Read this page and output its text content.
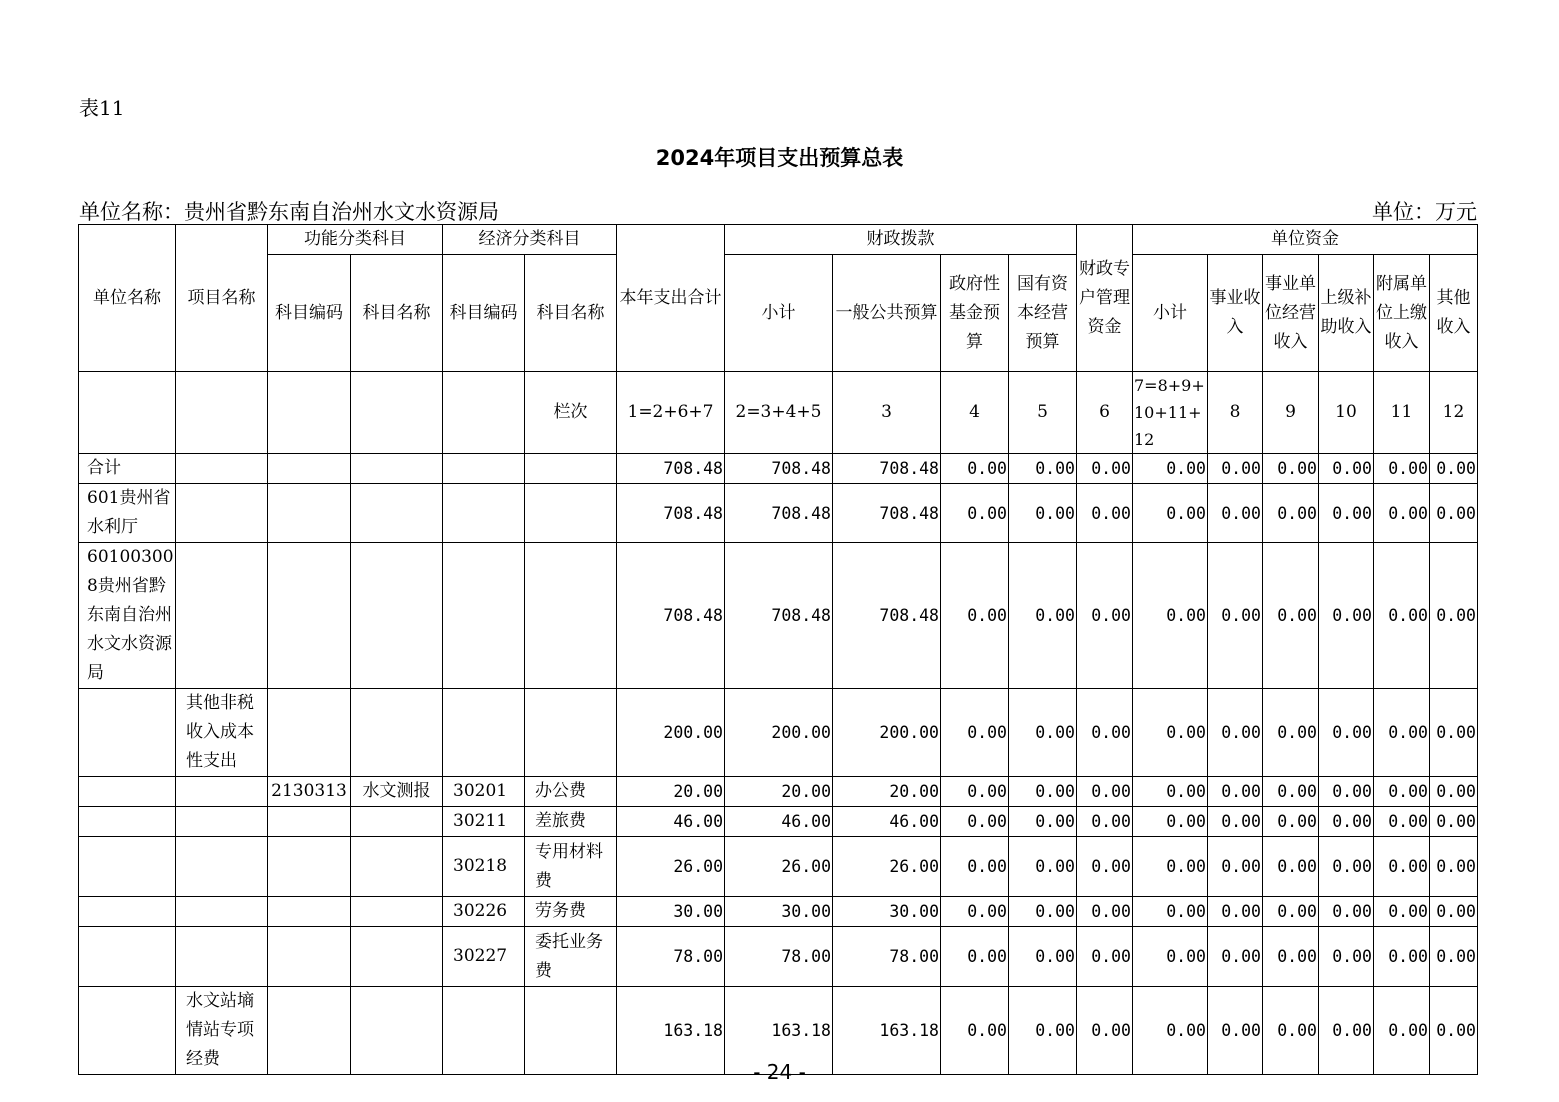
表11
2024年项目支出预算总表
单位名称：贵州省黔东南自治州水文水资源局	单位：万元
单位名称	项目名称	功能分类科目		经济分类科目		本年支出合计	财政拨款				财政专户管理资金	单位资金					
		科目编码	科目名称	科目编码	科目名称		小计	一般公共预算	政府性基金预算	国有资本经营预算		小计	事业收入	事业单位经营收入	上级补助收入	附属单位上缴收入	其他收入
					栏次	1=2+6+7	2=3+4+5	3	4	5	6	7=8+9+10+11+12	8	9	10	11	12
合计						708.48	708.48	708.48	0.00	0.00	0.00	0.00	0.00	0.00	0.00	0.00	0.00
601贵州省水利厅						708.48	708.48	708.48	0.00	0.00	0.00	0.00	0.00	0.00	0.00	0.00	0.00
601003008贵州省黔东南自治州水文水资源局						708.48	708.48	708.48	0.00	0.00	0.00	0.00	0.00	0.00	0.00	0.00	0.00
	其他非税收入成本性支出					200.00	200.00	200.00	0.00	0.00	0.00	0.00	0.00	0.00	0.00	0.00	0.00
		2130313	水文测报	30201	办公费	20.00	20.00	20.00	0.00	0.00	0.00	0.00	0.00	0.00	0.00	0.00	0.00
				30211	差旅费	46.00	46.00	46.00	0.00	0.00	0.00	0.00	0.00	0.00	0.00	0.00	0.00
				30218	专用材料费	26.00	26.00	26.00	0.00	0.00	0.00	0.00	0.00	0.00	0.00	0.00	0.00
				30226	劳务费	30.00	30.00	30.00	0.00	0.00	0.00	0.00	0.00	0.00	0.00	0.00	0.00
				30227	委托业务费	78.00	78.00	78.00	0.00	0.00	0.00	0.00	0.00	0.00	0.00	0.00	0.00
	水文站墒情站专项经费					163.18	163.18	163.18	0.00	0.00	0.00	0.00	0.00	0.00	0.00	0.00	0.00
- 24 -
